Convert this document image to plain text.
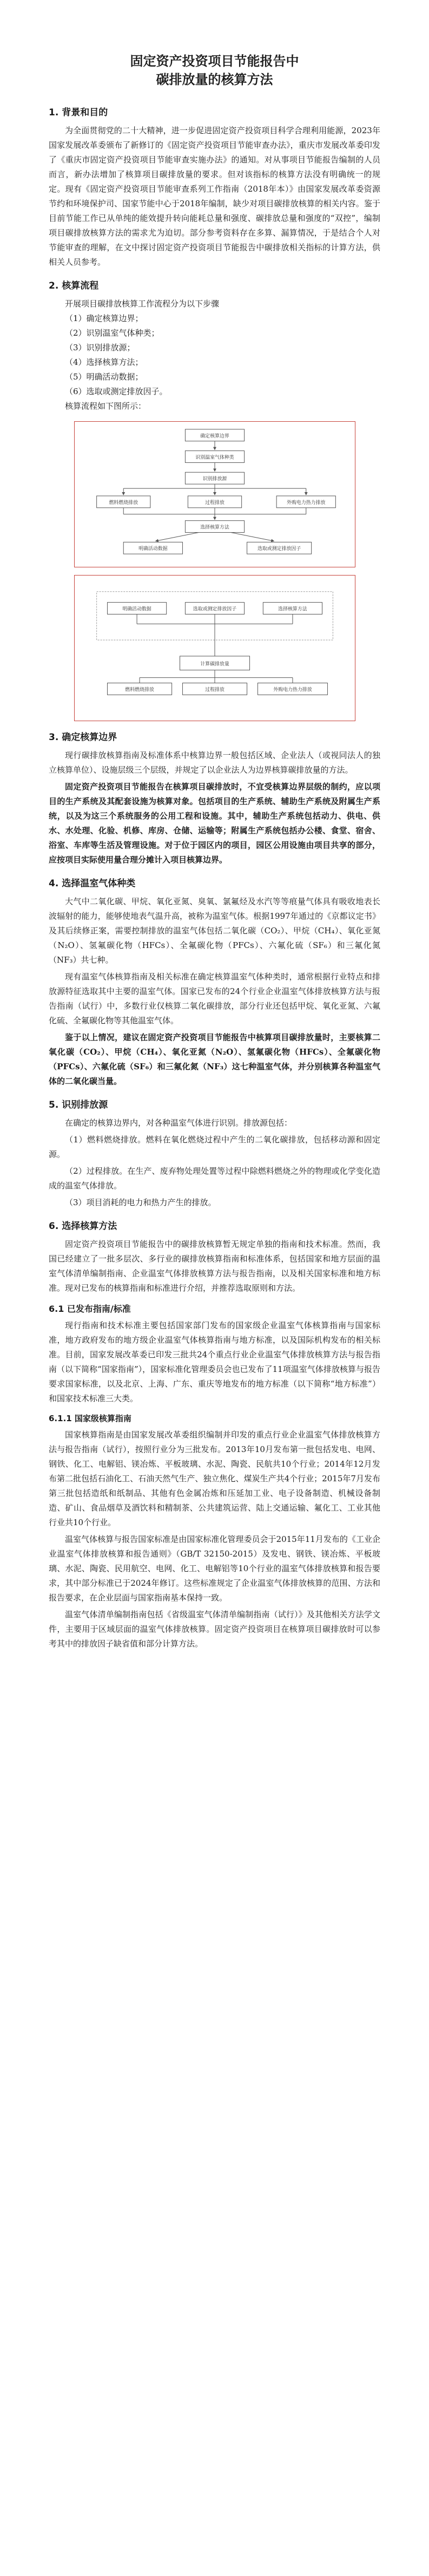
固定资产投资项目节能报告中
碳排放量的核算方法
1. 背景和目的

为全面贯彻党的二十大精神，进一步促进固定资产投资项目科学合理利用能源，2023年国家发展改革委颁布了新修订的《固定资产投资项目节能审查办法》，重庆市发展改革委印发了《重庆市固定资产投资项目节能审查实施办法》的通知。对从事项目节能报告编制的人员而言，新办法增加了核算项目碳排放量的要求。但对该指标的核算方法没有明确统一的规定。现有《固定资产投资项目节能审查系列工作指南（2018年本）》由国家发展改革委资源节约和环境保护司、国家节能中心于2018年编制，缺少对项目碳排放核算的相关内容。鉴于目前节能工作已从单纯的能效提升转向能耗总量和强度、碳排放总量和强度的“双控”，编制项目碳排放核算方法的需求尤为迫切。部分参考资料存在多算、漏算情况，于是结合个人对节能审查的理解，在文中探讨固定资产投资项目节能报告中碳排放相关指标的计算方法，供相关人员参考。

2. 核算流程

开展项目碳排放核算工作流程分为以下步骤

（1）确定核算边界；

（2）识别温室气体种类；

（3）识别排放源；

（4）选择核算方法；

（5）明确活动数据；

（6）选取或测定排放因子。

核算流程如下图所示：

确定核算边界
识别温室气体种类
识别排放源
燃料燃烧排放	过程排放	外购电力热力排放
选择核算方法
明确活动数据	选取或测定排放因子
明确活动数据	选取或测定排放因子	选择核算方法
计算碳排放量
燃料燃烧排放	过程排放	外购电力热力排放
3. 确定核算边界

现行碳排放核算指南及标准体系中核算边界一般包括区域、企业法人（或视同法人的独立核算单位）、设施层级三个层级，并规定了以企业法人为边界核算碳排放量的方法。

固定资产投资项目节能报告在核算项目碳排放时，不宜受核算边界层级的制约，应以项目的生产系统及其配套设施为核算对象。包括项目的生产系统、辅助生产系统及附属生产系统，以及为这三个系统服务的公用工程和设施。其中，辅助生产系统包括动力、供电、供水、水处理、化验、机修、库房、仓储、运输等；附属生产系统包括办公楼、食堂、宿舍、浴室、车库等生活及管理设施。对于位于园区内的项目，园区公用设施由项目共享的部分，应按项目实际使用量合理分摊计入项目核算边界。

4. 选择温室气体种类

大气中二氧化碳、甲烷、氧化亚氮、臭氧、氯氟烃及水汽等等痕量气体具有吸收地表长波辐射的能力，能够使地表气温升高，被称为温室气体。根据1997年通过的《京都议定书》及其后续修正案，需要控制排放的温室气体包括二氧化碳（CO₂）、甲烷（CH₄）、氧化亚氮（N₂O）、氢氟碳化物（HFCs）、全氟碳化物（PFCs）、六氟化硫（SF₆）和三氟化氮（NF₃）共七种。

现有温室气体核算指南及相关标准在确定核算温室气体种类时，通常根据行业特点和排放源特征选取其中主要的温室气体。国家已发布的24个行业企业温室气体排放核算方法与报告指南（试行）中，多数行业仅核算二氧化碳排放，部分行业还包括甲烷、氧化亚氮、六氟化硫、全氟碳化物等其他温室气体。

鉴于以上情况，建议在固定资产投资项目节能报告中核算项目碳排放量时，主要核算二氧化碳（CO₂）、甲烷（CH₄）、氧化亚氮（N₂O）、氢氟碳化物（HFCs）、全氟碳化物（PFCs）、六氟化硫（SF₆）和三氟化氮（NF₃）这七种温室气体，并分别核算各种温室气体的二氧化碳当量。

5. 识别排放源

在确定的核算边界内，对各种温室气体进行识别。排放源包括：

（1）燃料燃烧排放。燃料在氧化燃烧过程中产生的二氧化碳排放，包括移动源和固定源。

（2）过程排放。在生产、废弃物处理处置等过程中除燃料燃烧之外的物理或化学变化造成的温室气体排放。

（3）项目消耗的电力和热力产生的排放。

6. 选择核算方法

固定资产投资项目节能报告中的碳排放核算暂无规定单独的指南和技术标准。然而，我国已经建立了一批多层次、多行业的碳排放核算指南和标准体系，包括国家和地方层面的温室气体清单编制指南、企业温室气体排放核算方法与报告指南，以及相关国家标准和地方标准。现对已发布的核算指南和标准进行介绍，并推荐选取原则和方法。

6.1 已发布指南/标准

现行指南和技术标准主要包括国家部门发布的国家级企业温室气体核算指南与国家标准，地方政府发布的地方级企业温室气体核算指南与地方标准，以及国际机构发布的相关标准。目前，国家发展改革委已印发三批共24个重点行业企业温室气体排放核算方法与报告指南（以下简称“国家指南”），国家标准化管理委员会也已发布了11项温室气体排放核算与报告要求国家标准，以及北京、上海、广东、重庆等地发布的地方标准（以下简称“地方标准”）和国家技术标准三大类。

6.1.1 国家级核算指南

国家核算指南是由国家发展改革委组织编制并印发的重点行业企业温室气体排放核算方法与报告指南（试行），按照行业分为三批发布。2013年10月发布第一批包括发电、电网、钢铁、化工、电解铝、镁冶炼、平板玻璃、水泥、陶瓷、民航共10个行业；2014年12月发布第二批包括石油化工、石油天然气生产、独立焦化、煤炭生产共4个行业；2015年7月发布第三批包括造纸和纸制品、其他有色金属冶炼和压延加工业、电子设备制造、机械设备制造、矿山、食品烟草及酒饮料和精制茶、公共建筑运营、陆上交通运输、氟化工、工业其他行业共10个行业。

温室气体核算与报告国家标准是由国家标准化管理委员会于2015年11月发布的《工业企业温室气体排放核算和报告通则》（GB/T 32150-2015）及发电、钢铁、镁冶炼、平板玻璃、水泥、陶瓷、民用航空、电网、化工、电解铝等10个行业的温室气体排放核算和报告要求，其中部分标准已于2024年修订。这些标准规定了企业温室气体排放核算的范围、方法和报告要求，在企业层面与国家指南基本保持一致。

温室气体清单编制指南包括《省级温室气体清单编制指南（试行）》及其他相关方法学文件，主要用于区域层面的温室气体排放核算。固定资产投资项目在核算项目碳排放时可以参考其中的排放因子缺省值和部分计算方法。
